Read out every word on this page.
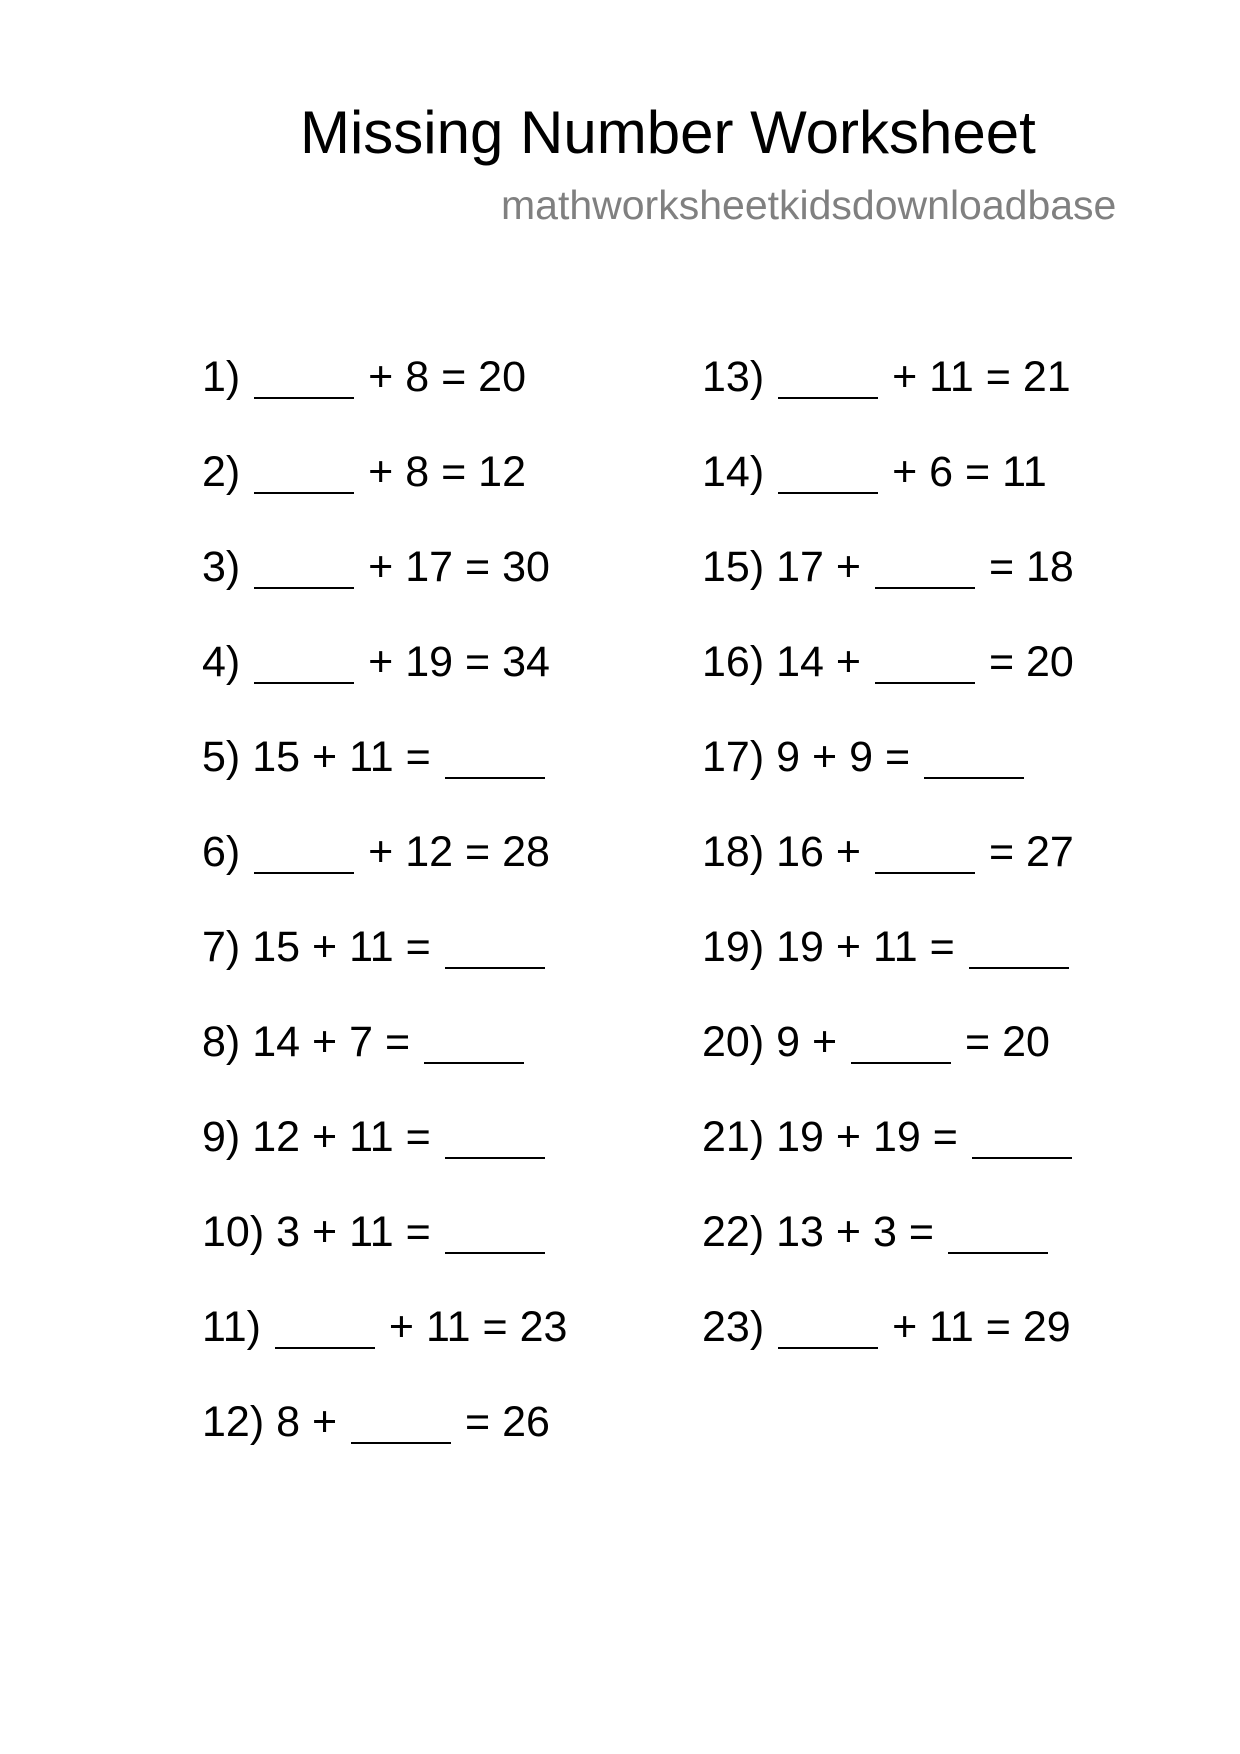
Missing Number Worksheet
mathworksheetkidsdownloadbase
1)	+ 8 = 20
2)	+ 8 = 12
3)	+ 17 = 30
4)	+ 19 = 34
5) 15 + 11 =
6)	+ 12 = 28
7) 15 + 11 =
8) 14 + 7 =
9) 12 + 11 =
10) 3 + 11 =
11)	+ 11 = 23
12) 8 +	= 26
13)	+ 11 = 21
14)	+ 6 = 11
15) 17 +	= 18
16) 14 +	= 20
17) 9 + 9 =
18) 16 +	= 27
19) 19 + 11 =
20) 9 +	= 20
21) 19 + 19 =
22) 13 + 3 =
23)	+ 11 = 29
